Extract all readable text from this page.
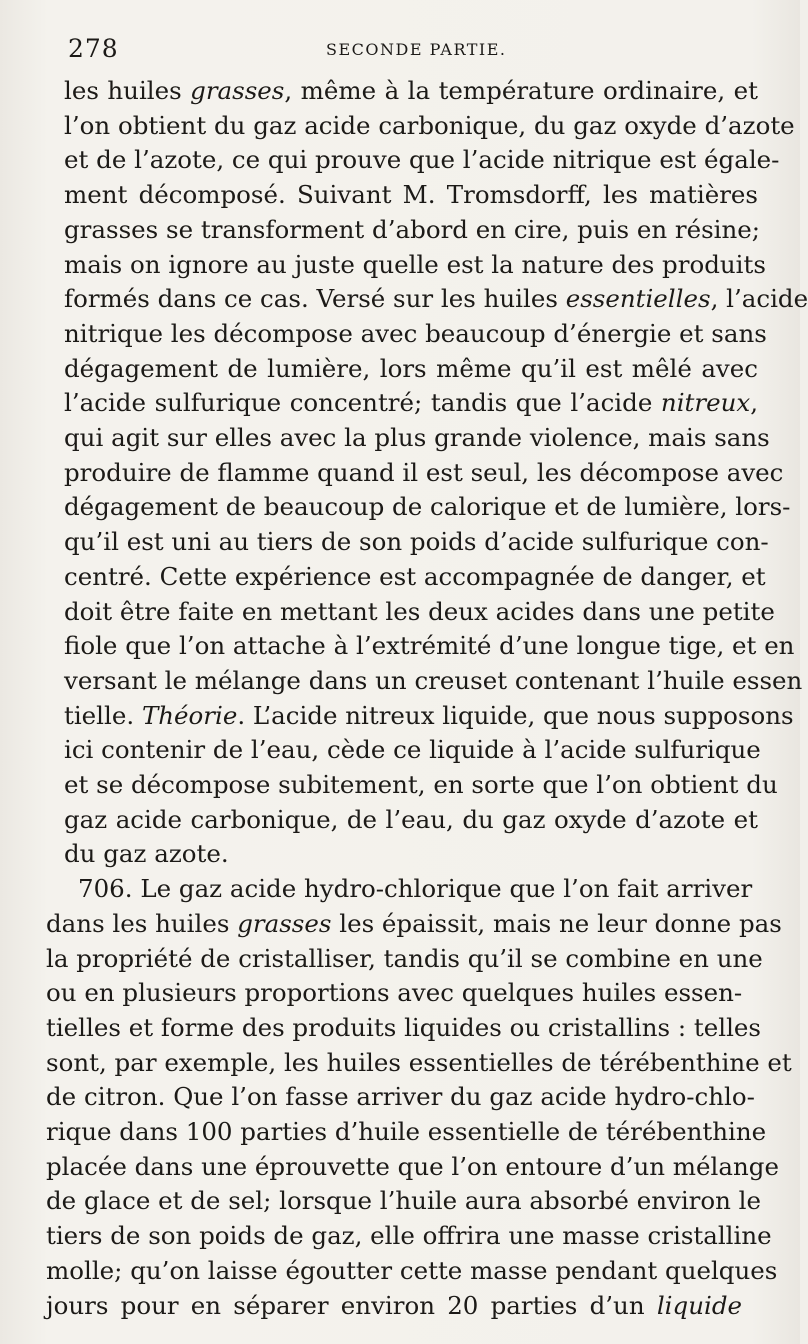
278	SECONDE PARTIE.
les huiles grasses, même à la température ordinaire, et
l’on obtient du gaz acide carbonique, du gaz oxyde d’azote
et de l’azote, ce qui prouve que l’acide nitrique est égale-
ment décomposé. Suivant M. Tromsdorff, les matières
grasses se transforment d’abord en cire, puis en résine;
mais on ignore au juste quelle est la nature des produits
formés dans ce cas. Versé sur les huiles essentielles, l’acide
nitrique les décompose avec beaucoup d’énergie et sans
dégagement de lumière, lors même qu’il est mêlé avec
l’acide sulfurique concentré; tandis que l’acide nitreux,
qui agit sur elles avec la plus grande violence, mais sans
produire de flamme quand il est seul, les décompose avec
dégagement de beaucoup de calorique et de lumière, lors-
qu’il est uni au tiers de son poids d’acide sulfurique con-
centré. Cette expérience est accompagnée de danger, et
doit être faite en mettant les deux acides dans une petite
fiole que l’on attache à l’extrémité d’une longue tige, et en
versant le mélange dans un creuset contenant l’huile essen
tielle. Théorie. L’acide nitreux liquide, que nous supposons
ici contenir de l’eau, cède ce liquide à l’acide sulfurique
et se décompose subitement, en sorte que l’on obtient du
gaz acide carbonique, de l’eau, du gaz oxyde d’azote et
du gaz azote.
706. Le gaz acide hydro-chlorique que l’on fait arriver
dans les huiles grasses les épaissit, mais ne leur donne pas
la propriété de cristalliser, tandis qu’il se combine en une
ou en plusieurs proportions avec quelques huiles essen-
tielles et forme des produits liquides ou cristallins : telles
sont, par exemple, les huiles essentielles de térébenthine et
de citron. Que l’on fasse arriver du gaz acide hydro-chlo-
rique dans 100 parties d’huile essentielle de térébenthine
placée dans une éprouvette que l’on entoure d’un mélange
de glace et de sel; lorsque l’huile aura absorbé environ le
tiers de son poids de gaz, elle offrira une masse cristalline
molle; qu’on laisse égoutter cette masse pendant quelques
jours pour en séparer environ 20 parties d’un liquide
